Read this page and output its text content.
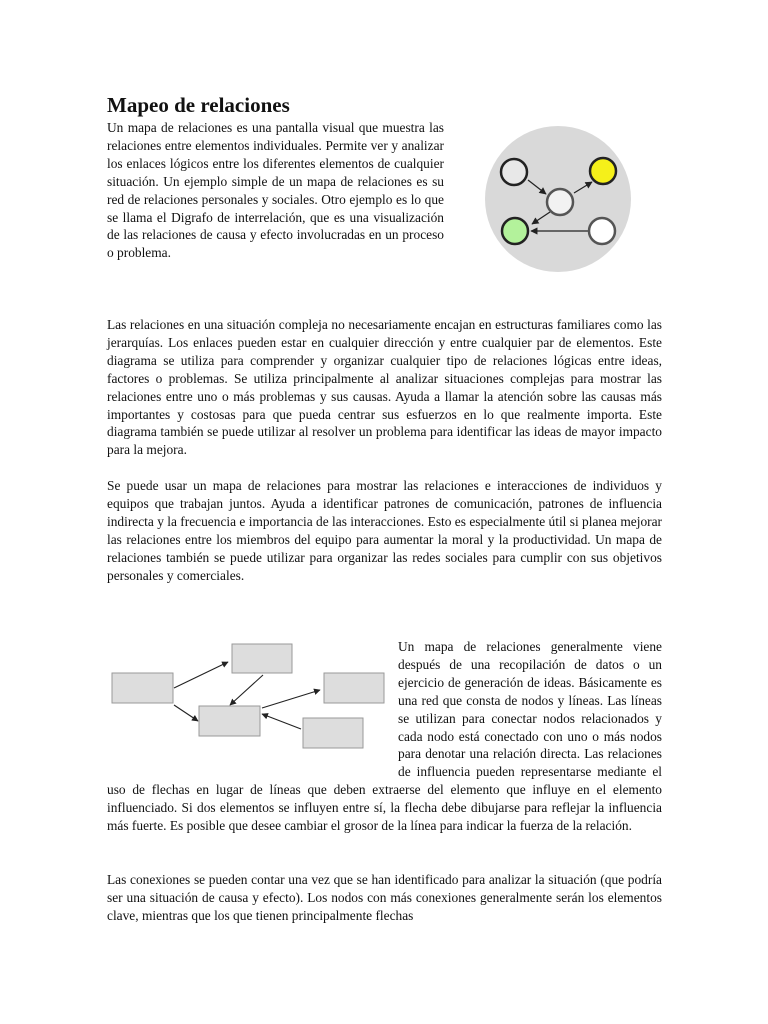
Mapeo de relaciones

Un mapa de relaciones es una pantalla visual que muestra las relaciones entre elementos individuales. Permite ver y analizar los enlaces lógicos entre los diferentes elementos de cualquier situación. Un ejemplo simple de un mapa de relaciones es su red de relaciones personales y sociales. Otro ejemplo es lo que se llama el Digrafo de interrelación, que es una visualización de las relaciones de causa y efecto involucradas en un proceso o problema.

Las relaciones en una situación compleja no necesariamente encajan en estructuras familiares como las jerarquías. Los enlaces pueden estar en cualquier dirección y entre cualquier par de elementos. Este diagrama se utiliza para comprender y organizar cualquier tipo de relaciones lógicas entre ideas, factores o problemas. Se utiliza principalmente al analizar situaciones complejas para mostrar las relaciones entre uno o más problemas y sus causas. Ayuda a llamar la atención sobre las causas más importantes y costosas para que pueda centrar sus esfuerzos en lo que realmente importa. Este diagrama también se puede utilizar al resolver un problema para identificar las ideas de mayor impacto para la mejora.

Se puede usar un mapa de relaciones para mostrar las relaciones e interacciones de individuos y equipos que trabajan juntos. Ayuda a identificar patrones de comunicación, patrones de influencia indirecta y la frecuencia e importancia de las interacciones. Esto es especialmente útil si planea mejorar las relaciones entre los miembros del equipo para aumentar la moral y la productividad. Un mapa de relaciones también se puede utilizar para organizar las redes sociales para cumplir con sus objetivos personales y comerciales.

Un mapa de relaciones generalmente viene después de una recopilación de datos o un ejercicio de generación de ideas. Básicamente es una red que consta de nodos y líneas. Las líneas se utilizan para conectar nodos relacionados y cada nodo está conectado con uno o más nodos para denotar una relación directa. Las relaciones de influencia pueden representarse mediante el uso de flechas en lugar de líneas que deben extraerse del elemento que influye en el elemento influenciado. Si dos elementos se influyen entre sí, la flecha debe dibujarse para reflejar la influencia más fuerte. Es posible que desee cambiar el grosor de la línea para indicar la fuerza de la relación.

Las conexiones se pueden contar una vez que se han identificado para analizar la situación (que podría ser una situación de causa y efecto). Los nodos con más conexiones generalmente serán los elementos clave, mientras que los que tienen principalmente flechas
